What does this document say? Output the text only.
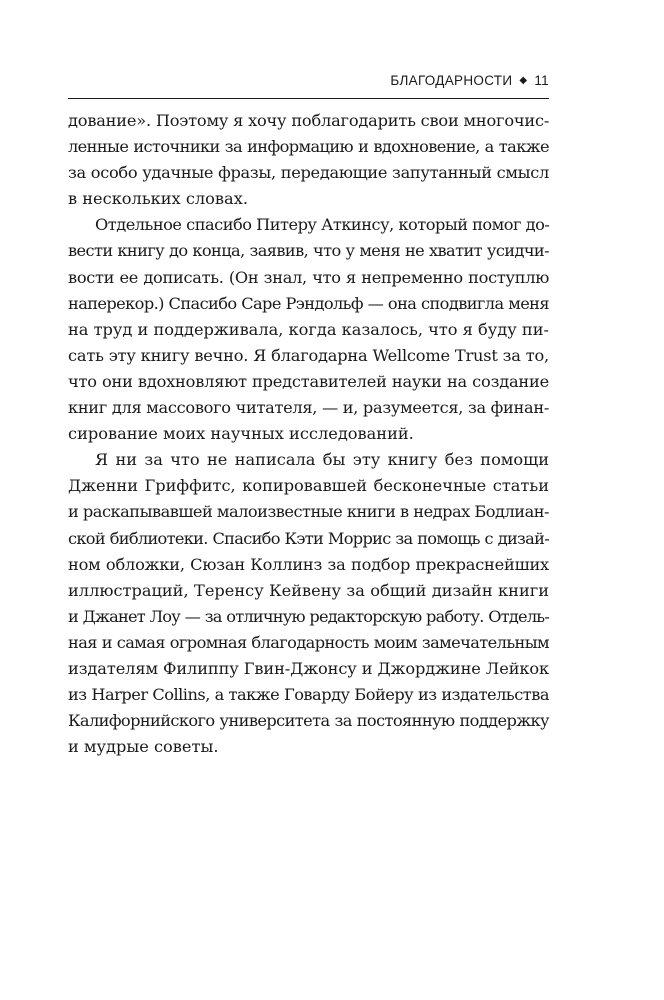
БЛАГОДАРНОСТИ ◆ 11
дование». Поэтому я хочу поблагодарить свои многочис-
ленные источники за информацию и вдохновение, а также
за особо удачные фразы, передающие запутанный смысл
в нескольких словах.
Отдельное спасибо Питеру Аткинсу, который помог до-
вести книгу до конца, заявив, что у меня не хватит усидчи-
вости ее дописать. (Он знал, что я непременно поступлю
наперекор.) Спасибо Саре Рэндольф — она сподвигла меня
на труд и поддерживала, когда казалось, что я буду пи-
сать эту книгу вечно. Я благодарна Wellcome Trust за то,
что они вдохновляют представителей науки на создание
книг для массового читателя, — и, разумеется, за финан-
сирование моих научных исследований.
Я ни за что не написала бы эту книгу без помощи
Дженни Гриффитс, копировавшей бесконечные статьи
и раскапывавшей малоизвестные книги в недрах Бодлиан-
ской библиотеки. Спасибо Кэти Моррис за помощь с дизай-
ном обложки, Сюзан Коллинз за подбор прекраснейших
иллюстраций, Теренсу Кейвену за общий дизайн книги
и Джанет Лоу — за отличную редакторскую работу. Отдель-
ная и самая огромная благодарность моим замечательным
издателям Филиппу Гвин-Джонсу и Джорджине Лейкок
из Harper Collins, а также Говарду Бойеру из издательства
Калифорнийского университета за постоянную поддержку
и мудрые советы.
